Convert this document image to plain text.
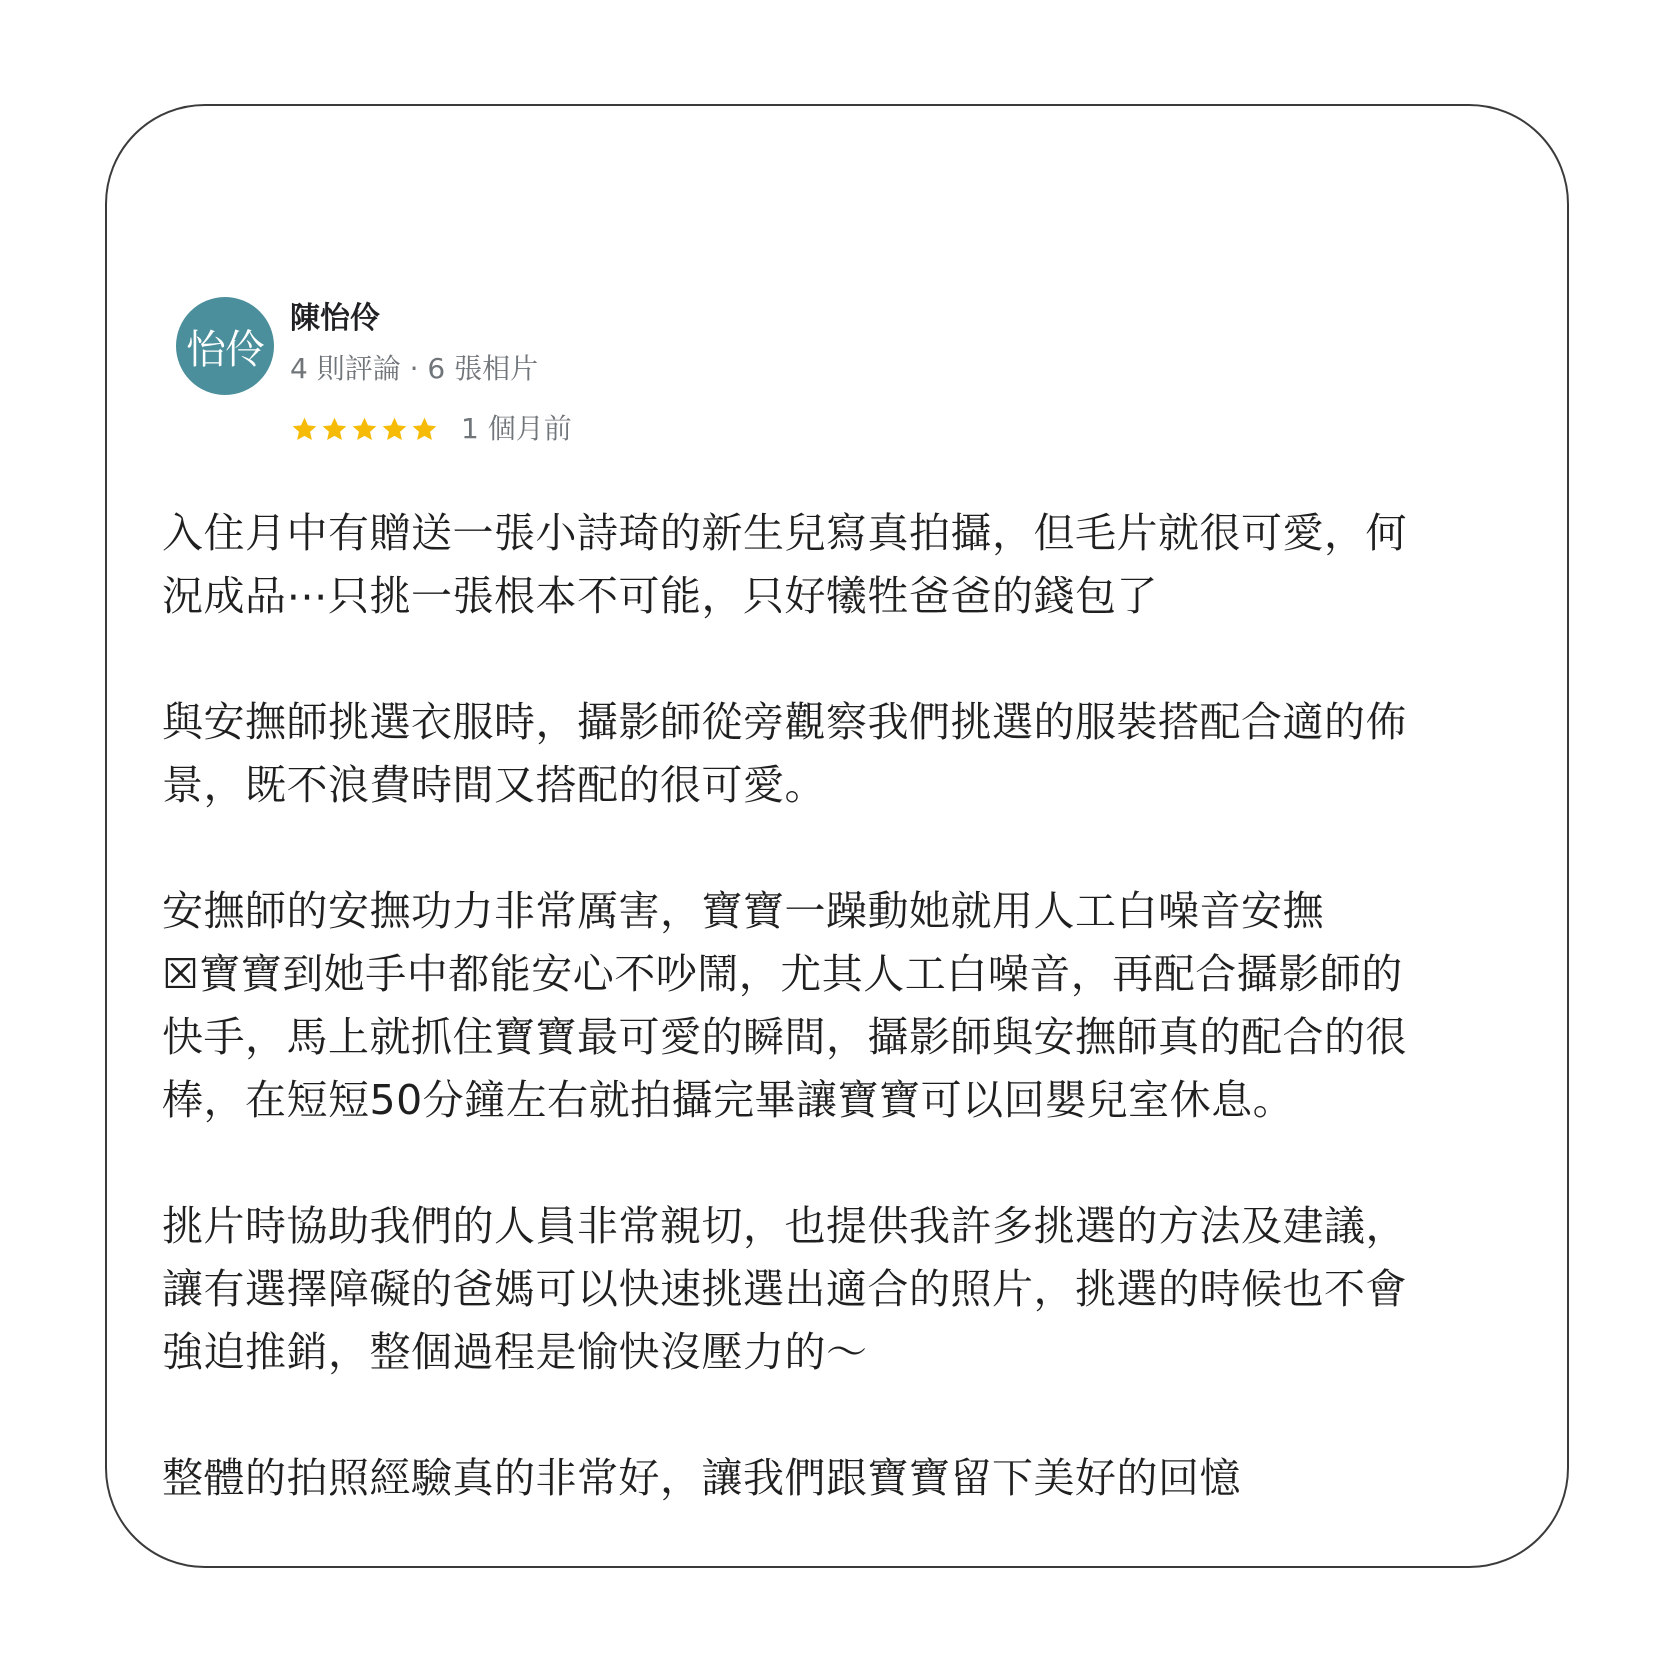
怡伶
陳怡伶
4 則評論 · 6 張相片
1 個月前
入住月中有贈送一張小詩琦的新生兒寫真拍攝，但毛片就很可愛，何
況成品⋯只挑一張根本不可能，只好犧牲爸爸的錢包了
與安撫師挑選衣服時，攝影師從旁觀察我們挑選的服裝搭配合適的佈
景，既不浪費時間又搭配的很可愛。
安撫師的安撫功力非常厲害，寶寶一躁動她就用人工白噪音安撫
☒寶寶到她手中都能安心不吵鬧，尤其人工白噪音，再配合攝影師的
快手，馬上就抓住寶寶最可愛的瞬間，攝影師與安撫師真的配合的很
棒，在短短50分鐘左右就拍攝完畢讓寶寶可以回嬰兒室休息。
挑片時協助我們的人員非常親切，也提供我許多挑選的方法及建議，
讓有選擇障礙的爸媽可以快速挑選出適合的照片，挑選的時候也不會
強迫推銷，整個過程是愉快沒壓力的～
整體的拍照經驗真的非常好，讓我們跟寶寶留下美好的回憶
